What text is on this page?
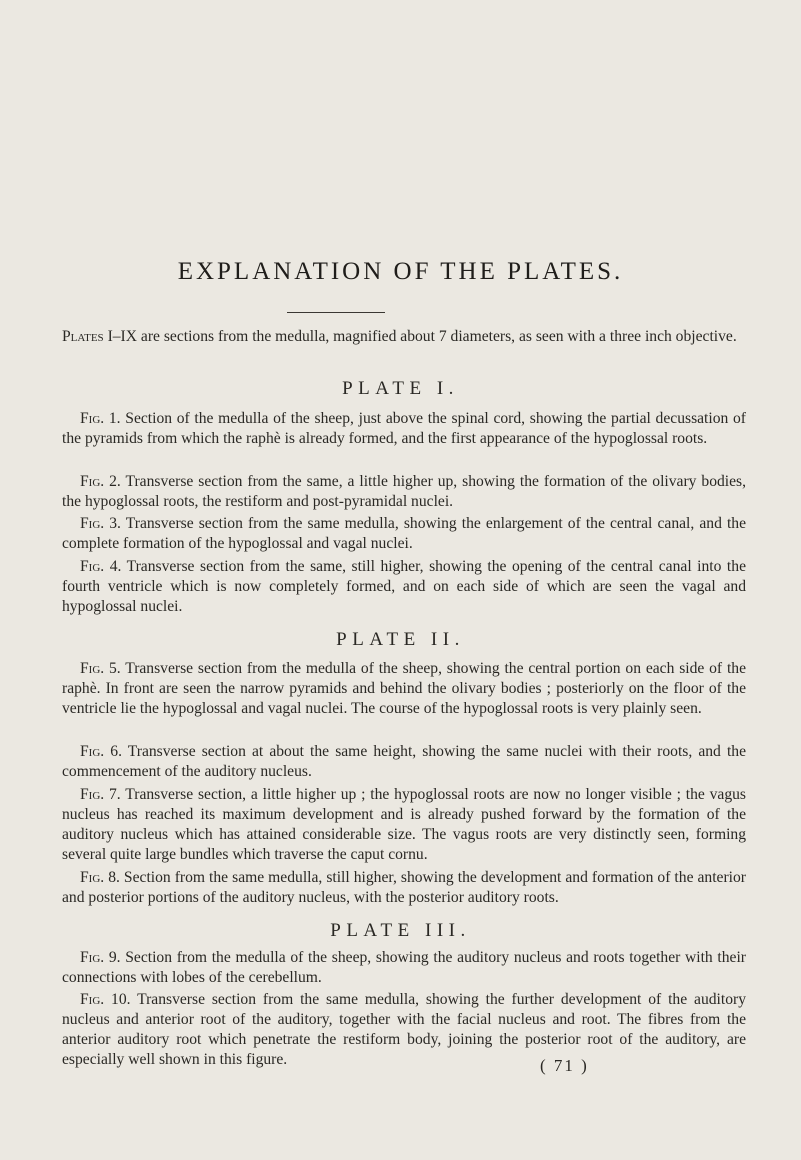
EXPLANATION OF THE PLATES.

Plates I–IX are sections from the medulla, magnified about 7 diameters, as seen with a three inch objective.

PLATE I.

Fig. 1. Section of the medulla of the sheep, just above the spinal cord, showing the partial decussation of the pyramids from which the raphè is already formed, and the first appearance of the hypoglossal roots.

Fig. 2. Transverse section from the same, a little higher up, showing the formation of the olivary bodies, the hypoglossal roots, the restiform and post-pyramidal nuclei.

Fig. 3. Transverse section from the same medulla, showing the enlargement of the central canal, and the complete formation of the hypoglossal and vagal nuclei.

Fig. 4. Transverse section from the same, still higher, showing the opening of the central canal into the fourth ventricle which is now completely formed, and on each side of which are seen the vagal and hypoglossal nuclei.

PLATE II.

Fig. 5. Transverse section from the medulla of the sheep, showing the central portion on each side of the raphè. In front are seen the narrow pyramids and behind the olivary bodies ; posteriorly on the floor of the ventricle lie the hypoglossal and vagal nuclei. The course of the hypoglossal roots is very plainly seen.

Fig. 6. Transverse section at about the same height, showing the same nuclei with their roots, and the commencement of the auditory nucleus.

Fig. 7. Transverse section, a little higher up ; the hypoglossal roots are now no longer visible ; the vagus nucleus has reached its maximum development and is already pushed forward by the formation of the auditory nucleus which has attained considerable size. The vagus roots are very distinctly seen, forming several quite large bundles which traverse the caput cornu.

Fig. 8. Section from the same medulla, still higher, showing the development and formation of the anterior and posterior portions of the auditory nucleus, with the posterior auditory roots.

PLATE III.

Fig. 9. Section from the medulla of the sheep, showing the auditory nucleus and roots together with their connections with lobes of the cerebellum.

Fig. 10. Transverse section from the same medulla, showing the further development of the auditory nucleus and anterior root of the auditory, together with the facial nucleus and root. The fibres from the anterior auditory root which penetrate the restiform body, joining the posterior root of the auditory, are especially well shown in this figure.	( 71 )
